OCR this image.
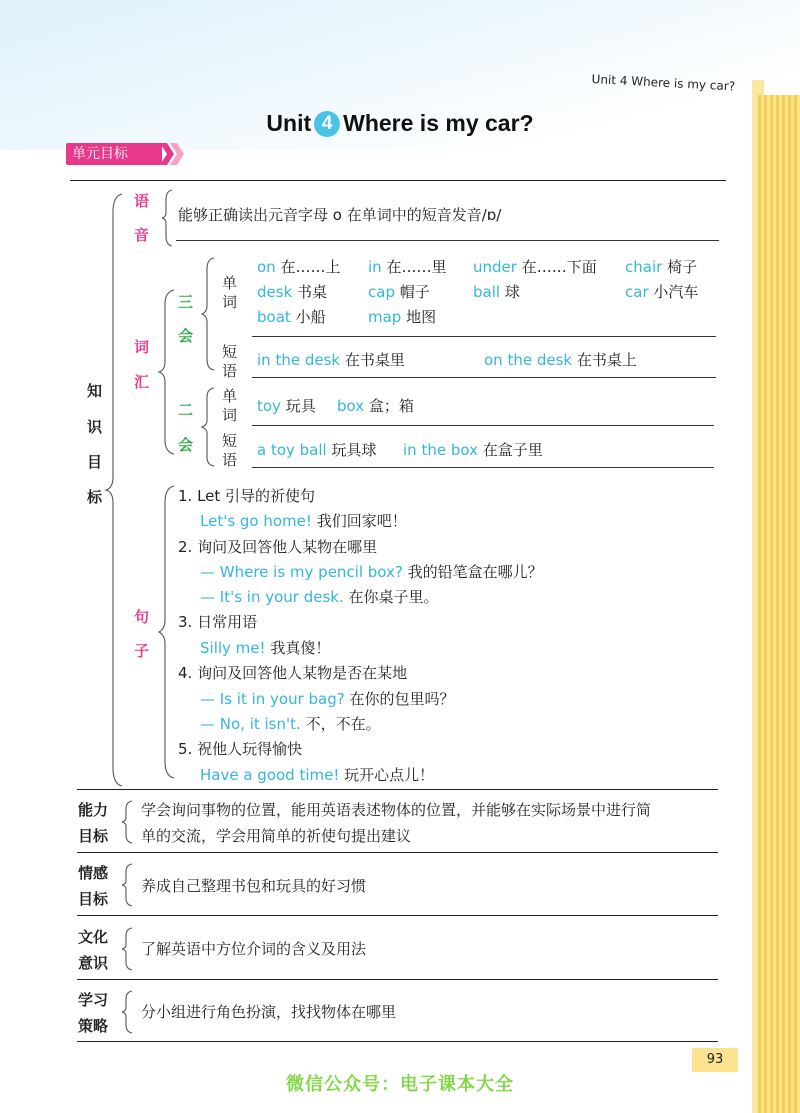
Unit 4 Where is my car?
Unit 4 Where is my car?
单元目标
知
识
目
标
语
音
能够正确读出元音字母 o 在单词中的短音发音/ɒ/
词
汇
三
会
单
词
on 在……上 in 在……里 under 在……下面 chair 椅子
desk 书桌	cap 帽子	ball 球	car 小汽车
boat 小船	map 地图
短
语
in the desk 在书桌里	on the desk 在书桌上
二
会
单
词 toy 玩具 box 盒；箱
短
语
a toy ball 玩具球 in the box 在盒子里
句
子
1. Let 引导的祈使句
Let's go home! 我们回家吧！
2. 询问及回答他人某物在哪里
— Where is my pencil box? 我的铅笔盒在哪儿？
— It's in your desk. 在你桌子里。
3. 日常用语
Silly me! 我真傻！
4. 询问及回答他人某物是否在某地
— Is it in your bag? 在你的包里吗？
— No, it isn't. 不，不在。
5. 祝他人玩得愉快
Have a good time! 玩开心点儿！
能力
目标
学会询问事物的位置，能用英语表述物体的位置，并能够在实际场景中进行简
单的交流，学会用简单的祈使句提出建议
情感
目标
养成自己整理书包和玩具的好习惯
文化
意识
了解英语中方位介词的含义及用法
学习
策略
分小组进行角色扮演，找找物体在哪里
93
微信公众号：电子课本大全
